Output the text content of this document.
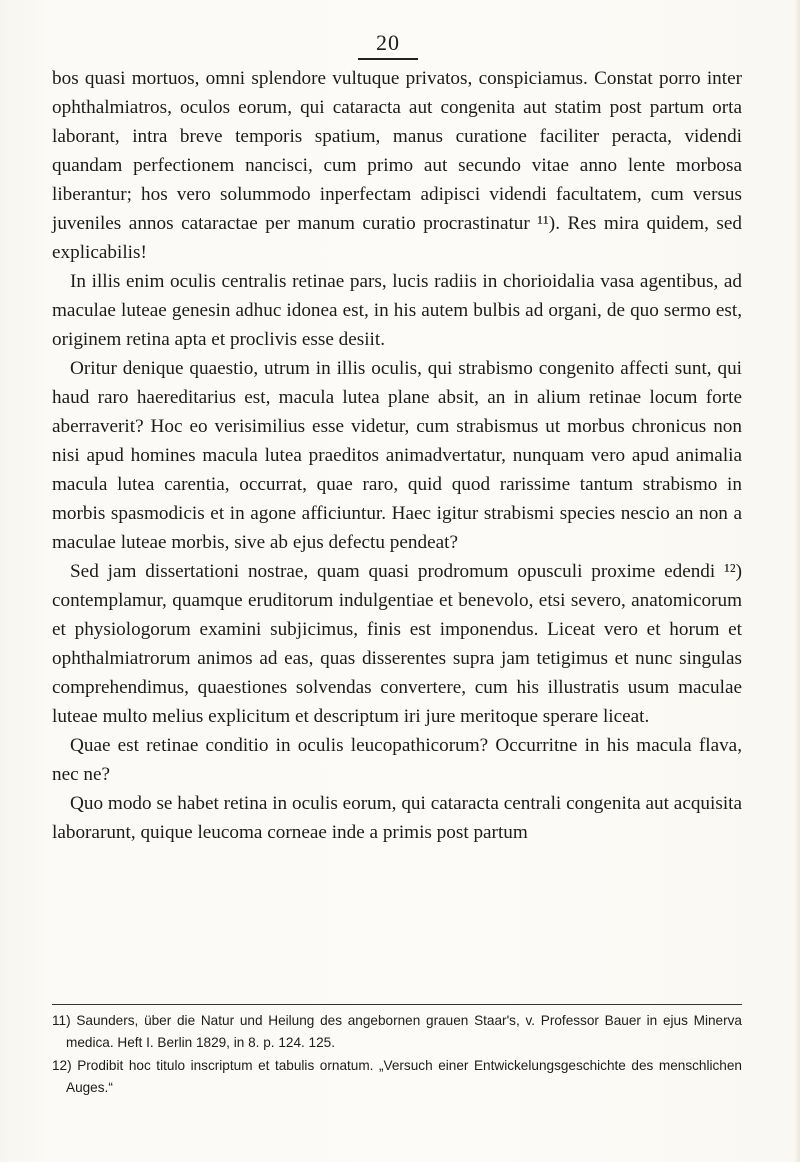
20

bos quasi mortuos, omni splendore vultuque privatos, conspiciamus. Constat porro inter ophthalmiatros, oculos eorum, qui cataracta aut congenita aut statim post partum orta laborant, intra breve temporis spatium, manus curatione faciliter peracta, videndi quandam perfectionem nancisci, cum primo aut secundo vitae anno lente morbosa liberantur; hos vero solummodo inperfectam adipisci videndi facultatem, cum versus juveniles annos cataractae per manum curatio procrastinatur ¹¹). Res mira quidem, sed explicabilis!

In illis enim oculis centralis retinae pars, lucis radiis in chorioidalia vasa agentibus, ad maculae luteae genesin adhuc idonea est, in his autem bulbis ad organi, de quo sermo est, originem retina apta et proclivis esse desiit.

Oritur denique quaestio, utrum in illis oculis, qui strabismo congenito affecti sunt, qui haud raro haereditarius est, macula lutea plane absit, an in alium retinae locum forte aberraverit? Hoc eo verisimilius esse videtur, cum strabismus ut morbus chronicus non nisi apud homines macula lutea praeditos animadvertatur, nunquam vero apud animalia macula lutea carentia, occurrat, quae raro, quid quod rarissime tantum strabismo in morbis spasmodicis et in agone afficiuntur. Haec igitur strabismi species nescio an non a maculae luteae morbis, sive ab ejus defectu pendeat?

Sed jam dissertationi nostrae, quam quasi prodromum opusculi proxime edendi ¹²) contemplamur, quamque eruditorum indulgentiae et benevolo, etsi severo, anatomicorum et physiologorum examini subjicimus, finis est imponendus. Liceat vero et horum et ophthalmiatrorum animos ad eas, quas disserentes supra jam tetigimus et nunc singulas comprehendimus, quaestiones solvendas convertere, cum his illustratis usum maculae luteae multo melius explicitum et descriptum iri jure meritoque sperare liceat.

Quae est retinae conditio in oculis leucopathicorum? Occurritne in his macula flava, nec ne?

Quo modo se habet retina in oculis eorum, qui cataracta centrali congenita aut acquisita laborarunt, quique leucoma corneae inde a primis post partum

11) Saunders, über die Natur und Heilung des angebornen grauen Staar's, v. Professor Bauer in ejus Minerva medica. Heft I. Berlin 1829, in 8. p. 124. 125.

12) Prodibit hoc titulo inscriptum et tabulis ornatum. „Versuch einer Entwickelungsgeschichte des menschlichen Auges.“
